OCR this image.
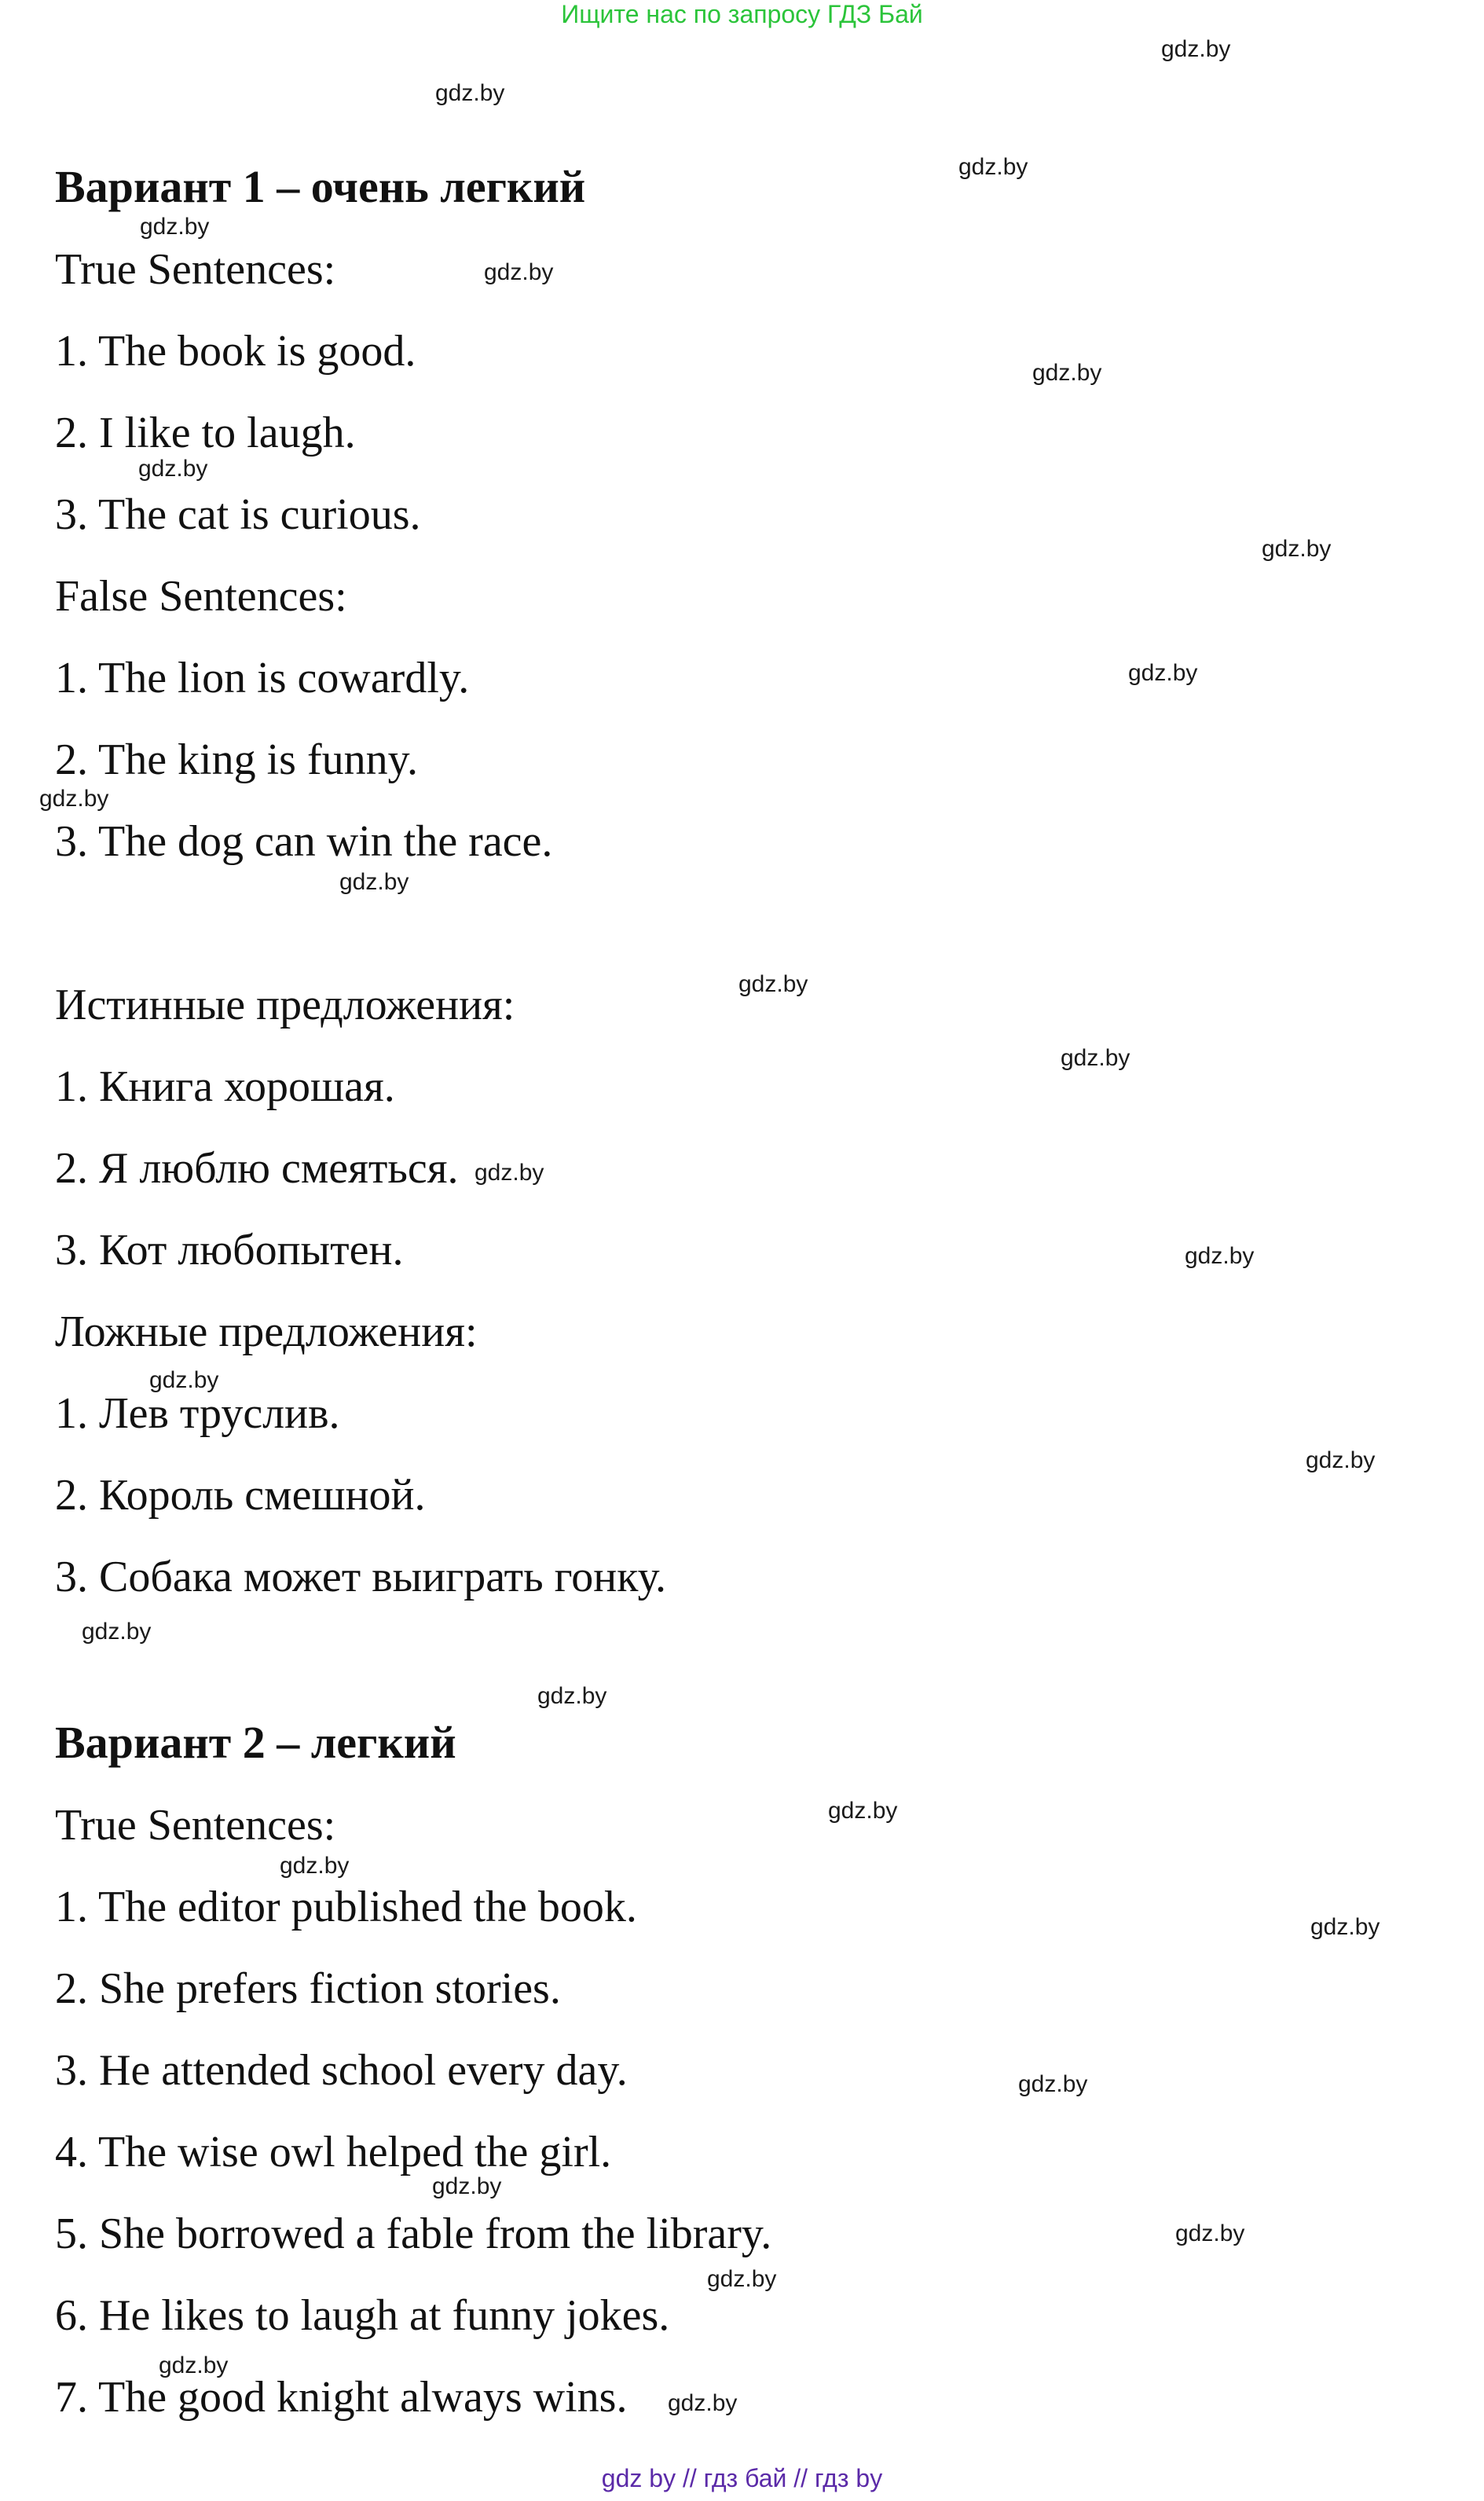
Ищите нас по запросу ГДЗ Бай

Вариант 1 – очень легкий

True Sentences:

1. The book is good.

2. I like to laugh.

3. The cat is curious.

False Sentences:

1. The lion is cowardly.

2. The king is funny.

3. The dog can win the race.

Истинные предложения:

1. Книга хорошая.

2. Я люблю смеяться.

3. Кот любопытен.

Ложные предложения:

1. Лев труслив.

2. Король смешной.

3. Собака может выиграть гонку.

Вариант 2 – легкий

True Sentences:

1. The editor published the book.

2. She prefers fiction stories.

3. He attended school every day.

4. The wise owl helped the girl.

5. She borrowed a fable from the library.

6. He likes to laugh at funny jokes.

7. The good knight always wins.

gdz.by
gdz.by
gdz.by
gdz.by
gdz.by
gdz.by
gdz.by
gdz.by
gdz.by
gdz.by
gdz.by
gdz.by
gdz.by
gdz.by
gdz.by
gdz.by
gdz.by
gdz.by
gdz.by
gdz.by
gdz.by
gdz.by
gdz.by
gdz.by
gdz.by
gdz.by
gdz.by
gdz.by

gdz by // гдз бай // гдз by
